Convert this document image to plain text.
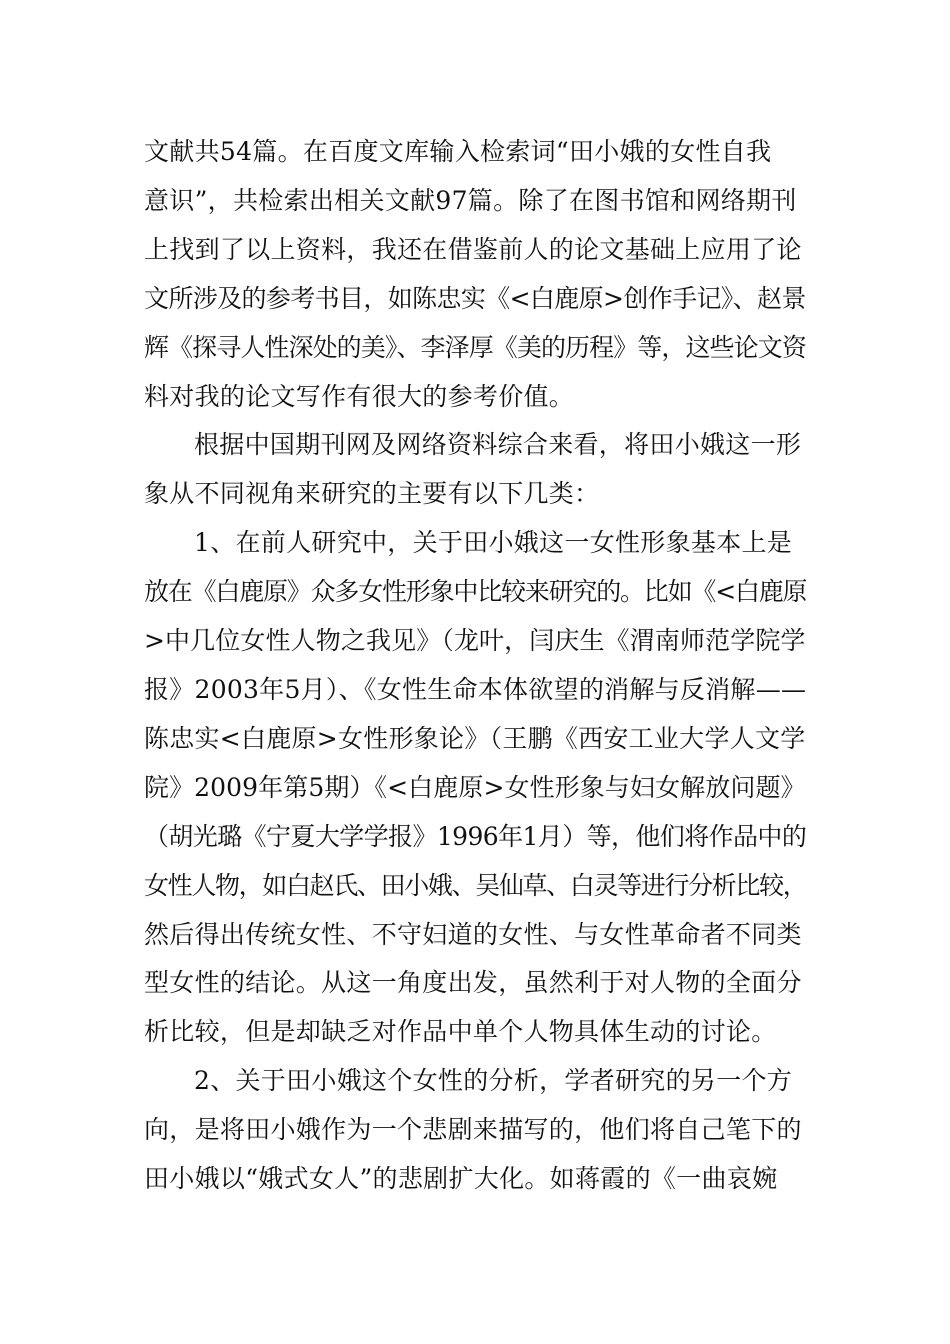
文献共54篇。在百度文库输入检索词“田小娥的女性自我
意识”，共检索出相关文献97篇。除了在图书馆和网络期刊
上找到了以上资料，我还在借鉴前人的论文基础上应用了论
文所涉及的参考书目，如陈忠实《<白鹿原>创作手记》、赵景
辉《探寻人性深处的美》、李泽厚《美的历程》等，这些论文资
料对我的论文写作有很大的参考价值。

根据中国期刊网及网络资料综合来看，将田小娥这一形
象从不同视角来研究的主要有以下几类：

1、在前人研究中，关于田小娥这一女性形象基本上是
放在《白鹿原》众多女性形象中比较来研究的。比如《<白鹿原
>中几位女性人物之我见》（龙叶，闫庆生《渭南师范学院学
报》2003年5月）、《女性生命本体欲望的消解与反消解——
陈忠实<白鹿原>女性形象论》（王鹏《西安工业大学人文学
院》2009年第5期）《<白鹿原>女性形象与妇女解放问题》
（胡光璐《宁夏大学学报》1996年1月）等，他们将作品中的
女性人物，如白赵氏、田小娥、吴仙草、白灵等进行分析比较，
然后得出传统女性、不守妇道的女性、与女性革命者不同类
型女性的结论。从这一角度出发，虽然利于对人物的全面分
析比较，但是却缺乏对作品中单个人物具体生动的讨论。

2、关于田小娥这个女性的分析，学者研究的另一个方
向，是将田小娥作为一个悲剧来描写的，他们将自己笔下的
田小娥以“娥式女人”的悲剧扩大化。如蒋霞的《一曲哀婉
